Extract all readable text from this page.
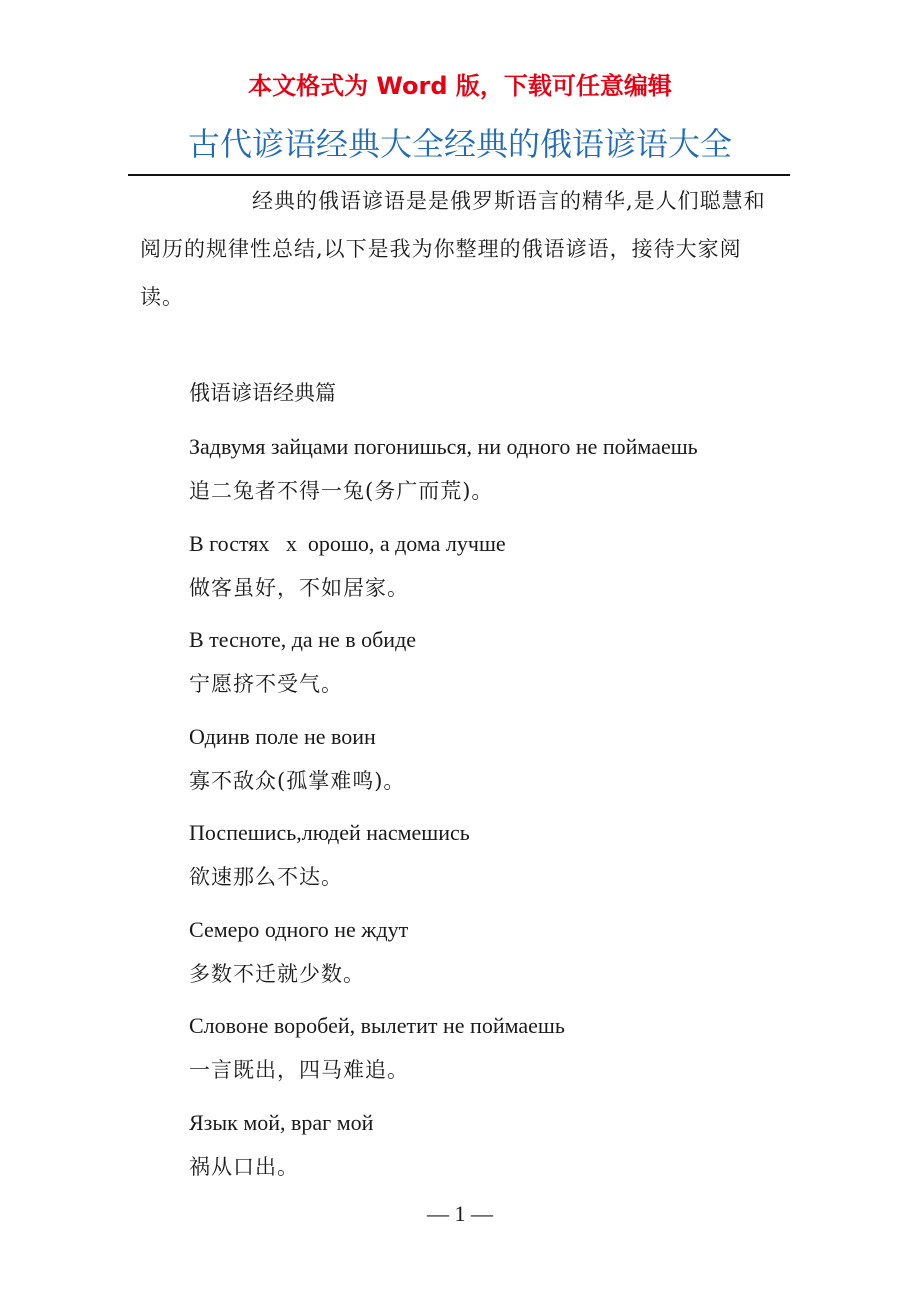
本文格式为 Word 版，下载可任意编辑
古代谚语经典大全经典的俄语谚语大全

经典的俄语谚语是是俄罗斯语言的精华,是人们聪慧和阅历的规律性总结,以下是我为你整理的俄语谚语，接待大家阅读。

俄语谚语经典篇

Задвумя зайцами погонишься, ни одного не поймаешь
追二兔者不得一兔(务广而荒)。
В гостях   х  орошо, а дома лучше
做客虽好，不如居家。
В тесноте, да не в обиде
宁愿挤不受气。
Одинв поле не воин
寡不敌众(孤掌难鸣)。
Поспешись,людей насмешись
欲速那么不达。
Семеро одного не ждут
多数不迁就少数。
Словоне воробей, вылетит не поймаешь
一言既出，四马难追。
Язык мой, враг мой
祸从口出。
— 1 —
